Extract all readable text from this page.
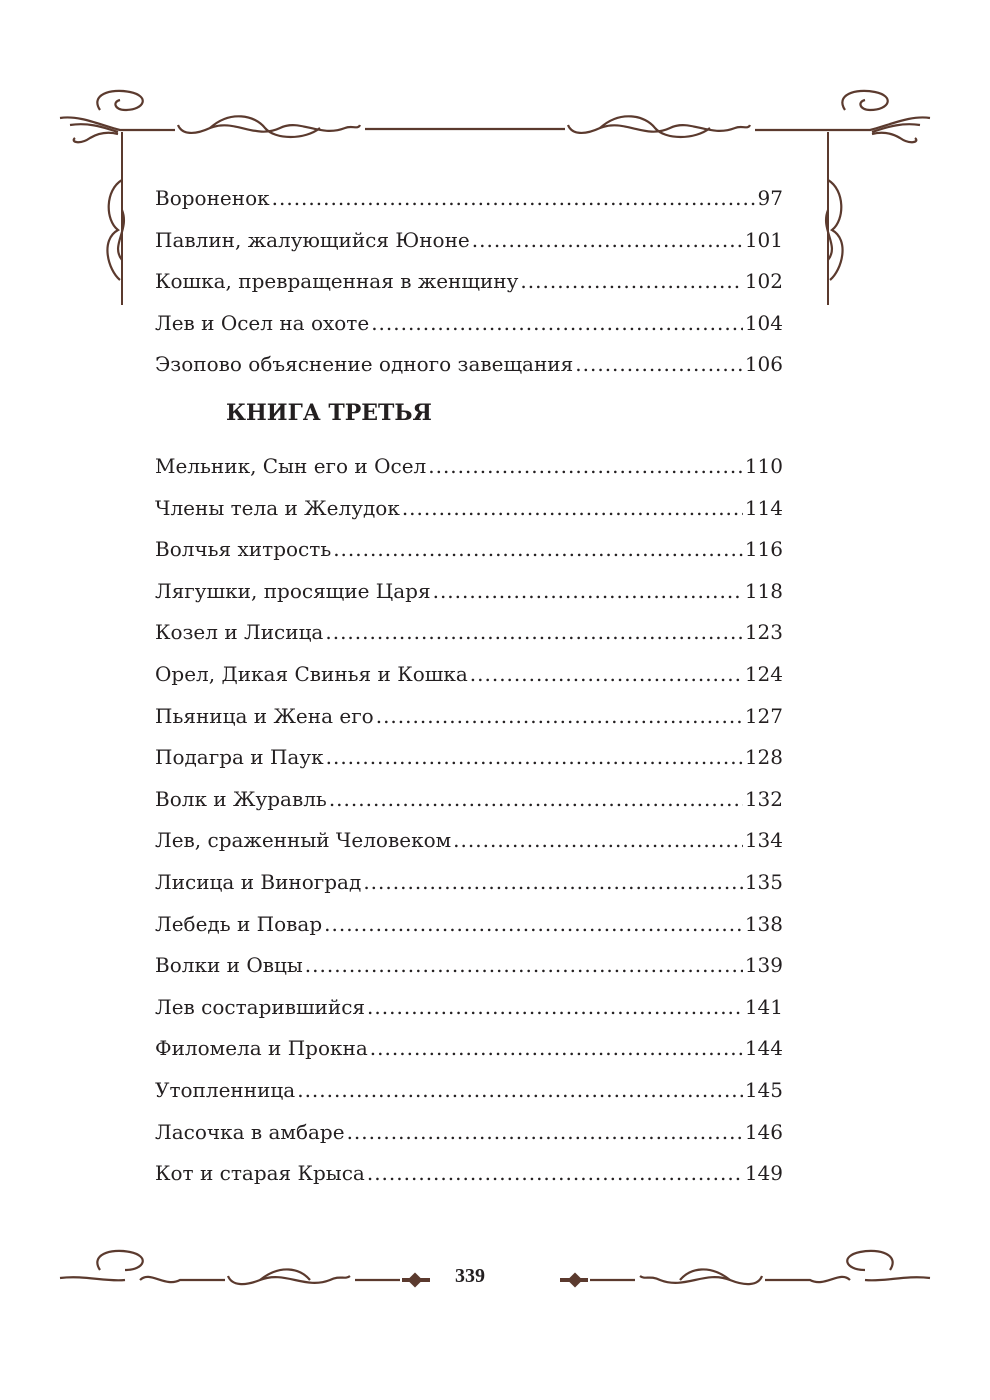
Вороненок .....	97
Павлин, жалующийся Юноне .....	101
Кошка, превращенная в женщину .....	102
Лев и Осел на охоте .....	104
Эзопово объяснение одного завещания .....	106
КНИГА ТРЕТЬЯ
Мельник, Сын его и Осел .....	110
Члены тела и Желудок .....	114
Волчья хитрость .....	116
Лягушки, просящие Царя .....	118
Козел и Лисица .....	123
Орел, Дикая Свинья и Кошка .....	124
Пьяница и Жена его .....	127
Подагра и Паук .....	128
Волк и Журавль .....	132
Лев, сраженный Человеком .....	134
Лисица и Виноград .....	135
Лебедь и Повар .....	138
Волки и Овцы .....	139
Лев состарившийся .....	141
Филомела и Прокна .....	144
Утопленница .....	145
Ласочка в амбаре .....	146
Кот и старая Крыса .....	149
339
